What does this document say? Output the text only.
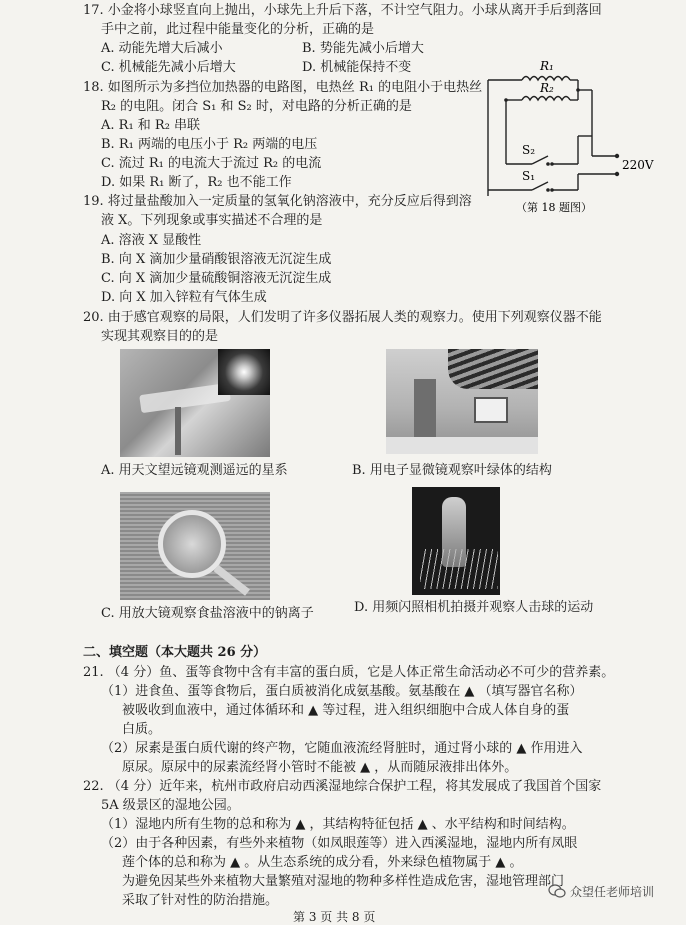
17. 小金将小球竖直向上抛出，小球先上升后下落，不计空气阻力。小球从离开手后到落回
手中之前，此过程中能量变化的分析，正确的是
A. 动能先增大后减小	B. 势能先减小后增大
C. 机械能先减小后增大	D. 机械能保持不变
18. 如图所示为多挡位加热器的电路图，电热丝 R₁ 的电阻小于电热丝
R₂ 的电阻。闭合 S₁ 和 S₂ 时，对电路的分析正确的是
A. R₁ 和 R₂ 串联
B. R₁ 两端的电压小于 R₂ 两端的电压
C. 流过 R₁ 的电流大于流过 R₂ 的电流
D. 如果 R₁ 断了，R₂ 也不能工作
R₁
R₂
S₂
S₁
220V
（第 18 题图）
19. 将过量盐酸加入一定质量的氢氧化钠溶液中，充分反应后得到溶
液 X。下列现象或事实描述不合理的是
A. 溶液 X 显酸性
B. 向 X 滴加少量硝酸银溶液无沉淀生成
C. 向 X 滴加少量硫酸铜溶液无沉淀生成
D. 向 X 加入锌粒有气体生成
20. 由于感官观察的局限，人们发明了许多仪器拓展人类的观察力。使用下列观察仪器不能
实现其观察目的的是
A. 用天文望远镜观测遥远的星系	B. 用电子显微镜观察叶绿体的结构
C. 用放大镜观察食盐溶液中的钠离子	D. 用频闪照相机拍摄并观察人击球的运动
二、填空题（本大题共 26 分）
21. （4 分）鱼、蛋等食物中含有丰富的蛋白质，它是人体正常生命活动必不可少的营养素。
（1）进食鱼、蛋等食物后，蛋白质被消化成氨基酸。氨基酸在 ▲ （填写器官名称）
被吸收到血液中，通过体循环和 ▲ 等过程，进入组织细胞中合成人体自身的蛋
白质。
（2）尿素是蛋白质代谢的终产物，它随血液流经肾脏时，通过肾小球的 ▲ 作用进入
原尿。原尿中的尿素流经肾小管时不能被 ▲ ，从而随尿液排出体外。
22. （4 分）近年来，杭州市政府启动西溪湿地综合保护工程，将其发展成了我国首个国家
5A 级景区的湿地公园。
（1）湿地内所有生物的总和称为 ▲ ，其结构特征包括 ▲ 、水平结构和时间结构。
（2）由于各种因素，有些外来植物（如凤眼莲等）进入西溪湿地，湿地内所有凤眼
莲个体的总和称为 ▲ 。从生态系统的成分看，外来绿色植物属于 ▲ 。
为避免因某些外来植物大量繁殖对湿地的物种多样性造成危害，湿地管理部门
采取了针对性的防治措施。
第 3 页 共 8 页
众望任老师培训
